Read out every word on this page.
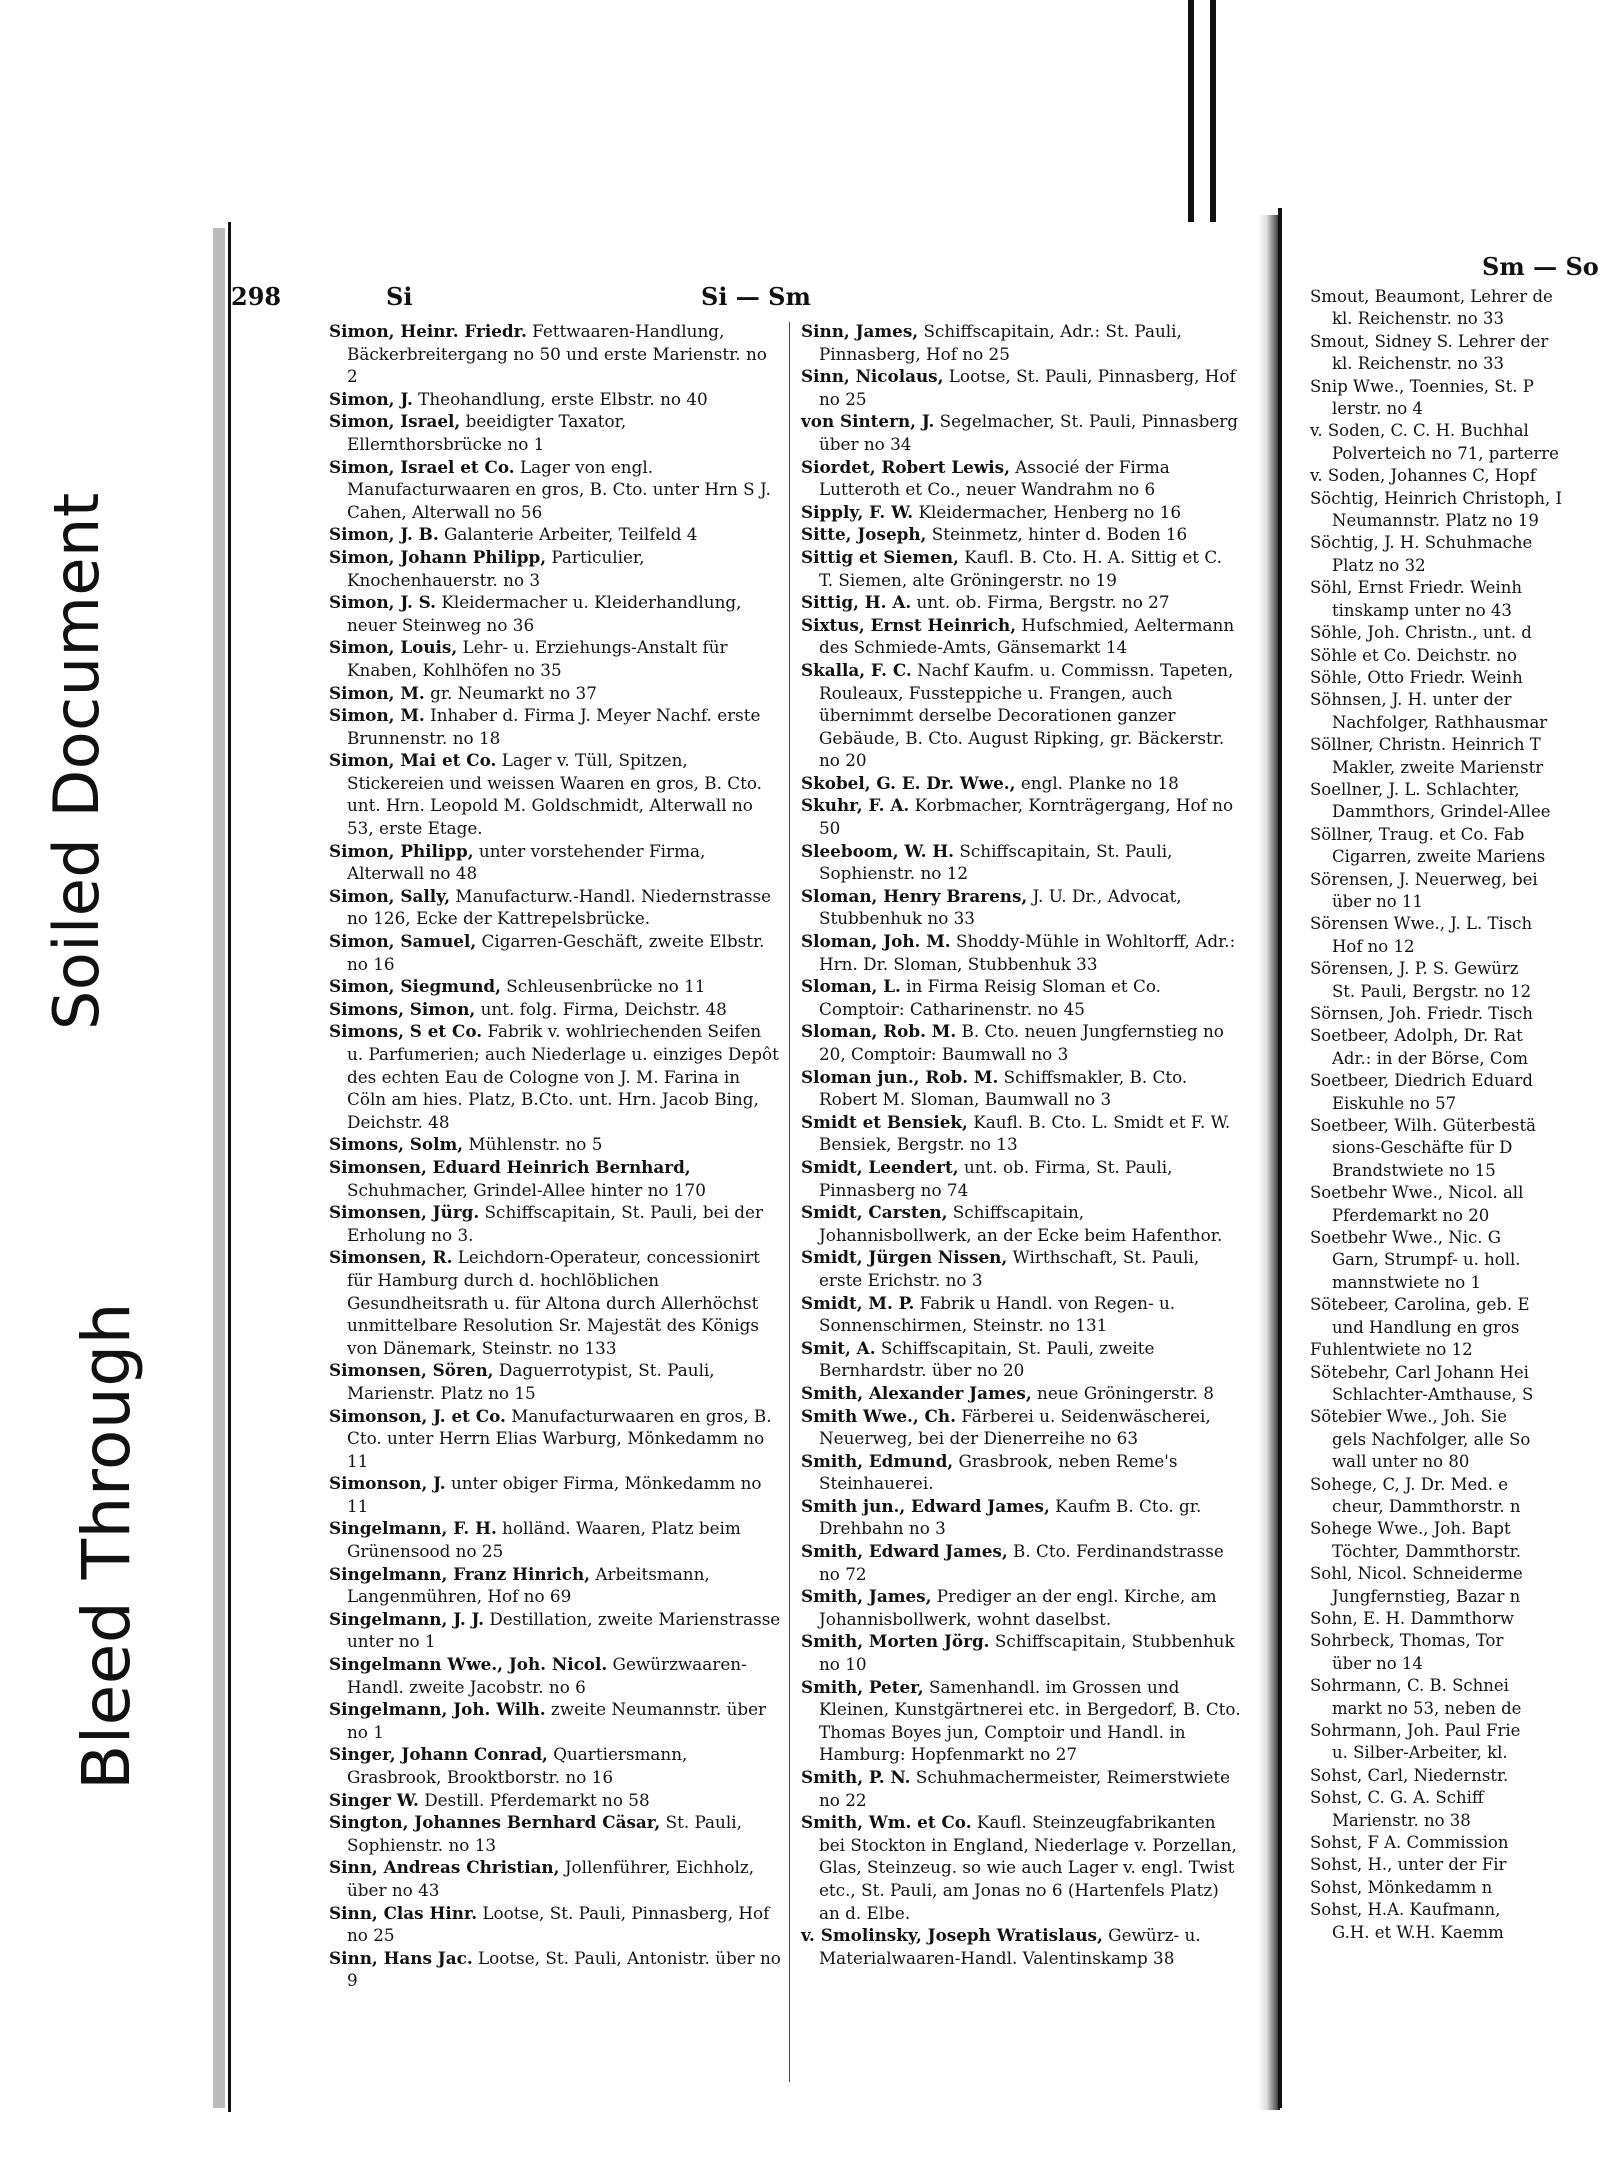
298	Si	Si — Sm
Simon, Heinr. Friedr. Fettwaaren-Handlung, Bäckerbreitergang no 50 und erste Marienstr. no 2
Simon, J. Theohandlung, erste Elbstr. no 40
Simon, Israel, beeidigter Taxator, Ellernthorsbrücke no 1
Simon, Israel et Co. Lager von engl. Manufacturwaaren en gros, B. Cto. unter Hrn S J. Cahen, Alterwall no 56
Simon, J. B. Galanterie Arbeiter, Teilfeld 4
Simon, Johann Philipp, Particulier, Knochenhauerstr. no 3
Simon, J. S. Kleidermacher u. Kleiderhandlung, neuer Steinweg no 36
Simon, Louis, Lehr- u. Erziehungs-Anstalt für Knaben, Kohlhöfen no 35
Simon, M. gr. Neumarkt no 37
Simon, M. Inhaber d. Firma J. Meyer Nachf. erste Brunnenstr. no 18
Simon, Mai et Co. Lager v. Tüll, Spitzen, Stickereien und weissen Waaren en gros, B. Cto. unt. Hrn. Leopold M. Goldschmidt, Alterwall no 53, erste Etage.
Simon, Philipp, unter vorstehender Firma, Alterwall no 48
Simon, Sally, Manufacturw.-Handl. Niedernstrasse no 126, Ecke der Kattrepelsbrücke.
Simon, Samuel, Cigarren-Geschäft, zweite Elbstr. no 16
Simon, Siegmund, Schleusenbrücke no 11
Simons, Simon, unt. folg. Firma, Deichstr. 48
Simons, S et Co. Fabrik v. wohlriechenden Seifen u. Parfumerien; auch Niederlage u. einziges Depôt des echten Eau de Cologne von J. M. Farina in Cöln am hies. Platz, B.Cto. unt. Hrn. Jacob Bing, Deichstr. 48
Simons, Solm, Mühlenstr. no 5
Simonsen, Eduard Heinrich Bernhard, Schuhmacher, Grindel-Allee hinter no 170
Simonsen, Jürg. Schiffscapitain, St. Pauli, bei der Erholung no 3.
Simonsen, R. Leichdorn-Operateur, concessionirt für Hamburg durch d. hochlöblichen Gesundheitsrath u. für Altona durch Allerhöchst unmittelbare Resolution Sr. Majestät des Königs von Dänemark, Steinstr. no 133
Simonsen, Sören, Daguerrotypist, St. Pauli, Marienstr. Platz no 15
Simonson, J. et Co. Manufacturwaaren en gros, B. Cto. unter Herrn Elias Warburg, Mönkedamm no 11
Simonson, J. unter obiger Firma, Mönkedamm no 11
Singelmann, F. H. holländ. Waaren, Platz beim Grünensood no 25
Singelmann, Franz Hinrich, Arbeitsmann, Langenmühren, Hof no 69
Singelmann, J. J. Destillation, zweite Marienstrasse unter no 1
Singelmann Wwe., Joh. Nicol. Gewürzwaaren-Handl. zweite Jacobstr. no 6
Singelmann, Joh. Wilh. zweite Neumannstr. über no 1
Singer, Johann Conrad, Quartiersmann, Grasbrook, Brooktborstr. no 16
Singer W. Destill. Pferdemarkt no 58
Sington, Johannes Bernhard Cäsar, St. Pauli, Sophienstr. no 13
Sinn, Andreas Christian, Jollenführer, Eichholz, über no 43
Sinn, Clas Hinr. Lootse, St. Pauli, Pinnasberg, Hof no 25
Sinn, Hans Jac. Lootse, St. Pauli, Antonistr. über no 9
Sinn, James, Schiffscapitain, Adr.: St. Pauli, Pinnasberg, Hof no 25
Sinn, Nicolaus, Lootse, St. Pauli, Pinnasberg, Hof no 25
von Sintern, J. Segelmacher, St. Pauli, Pinnasberg über no 34
Siordet, Robert Lewis, Associé der Firma Lutteroth et Co., neuer Wandrahm no 6
Sipply, F. W. Kleidermacher, Henberg no 16
Sitte, Joseph, Steinmetz, hinter d. Boden 16
Sittig et Siemen, Kaufl. B. Cto. H. A. Sittig et C. T. Siemen, alte Gröningerstr. no 19
Sittig, H. A. unt. ob. Firma, Bergstr. no 27
Sixtus, Ernst Heinrich, Hufschmied, Aeltermann des Schmiede-Amts, Gänsemarkt 14
Skalla, F. C. Nachf Kaufm. u. Commissn. Tapeten, Rouleaux, Fussteppiche u. Frangen, auch übernimmt derselbe Decorationen ganzer Gebäude, B. Cto. August Ripking, gr. Bäckerstr. no 20
Skobel, G. E. Dr. Wwe., engl. Planke no 18
Skuhr, F. A. Korbmacher, Kornträgergang, Hof no 50
Sleeboom, W. H. Schiffscapitain, St. Pauli, Sophienstr. no 12
Sloman, Henry Brarens, J. U. Dr., Advocat, Stubbenhuk no 33
Sloman, Joh. M. Shoddy-Mühle in Wohltorff, Adr.: Hrn. Dr. Sloman, Stubbenhuk 33
Sloman, L. in Firma Reisig Sloman et Co. Comptoir: Catharinenstr. no 45
Sloman, Rob. M. B. Cto. neuen Jungfernstieg no 20, Comptoir: Baumwall no 3
Sloman jun., Rob. M. Schiffsmakler, B. Cto. Robert M. Sloman, Baumwall no 3
Smidt et Bensiek, Kaufl. B. Cto. L. Smidt et F. W. Bensiek, Bergstr. no 13
Smidt, Leendert, unt. ob. Firma, St. Pauli, Pinnasberg no 74
Smidt, Carsten, Schiffscapitain, Johannisbollwerk, an der Ecke beim Hafenthor.
Smidt, Jürgen Nissen, Wirthschaft, St. Pauli, erste Erichstr. no 3
Smidt, M. P. Fabrik u Handl. von Regen- u. Sonnenschirmen, Steinstr. no 131
Smit, A. Schiffscapitain, St. Pauli, zweite Bernhardstr. über no 20
Smith, Alexander James, neue Gröningerstr. 8
Smith Wwe., Ch. Färberei u. Seidenwäscherei, Neuerweg, bei der Dienerreihe no 63
Smith, Edmund, Grasbrook, neben Reme's Steinhauerei.
Smith jun., Edward James, Kaufm B. Cto. gr. Drehbahn no 3
Smith, Edward James, B. Cto. Ferdinandstrasse no 72
Smith, James, Prediger an der engl. Kirche, am Johannisbollwerk, wohnt daselbst.
Smith, Morten Jörg. Schiffscapitain, Stubbenhuk no 10
Smith, Peter, Samenhandl. im Grossen und Kleinen, Kunstgärtnerei etc. in Bergedorf, B. Cto. Thomas Boyes jun, Comptoir und Handl. in Hamburg: Hopfenmarkt no 27
Smith, P. N. Schuhmachermeister, Reimerstwiete no 22
Smith, Wm. et Co. Kaufl. Steinzeugfabrikanten bei Stockton in England, Niederlage v. Porzellan, Glas, Steinzeug. so wie auch Lager v. engl. Twist etc., St. Pauli, am Jonas no 6 (Hartenfels Platz) an d. Elbe.
v. Smolinsky, Joseph Wratislaus, Gewürz- u. Materialwaaren-Handl. Valentinskamp 38
Sm — So
Smout, Beaumont, Lehrer de
kl. Reichenstr. no 33
Smout, Sidney S. Lehrer der
kl. Reichenstr. no 33
Snip Wwe., Toennies, St. P
lerstr. no 4
v. Soden, C. C. H. Buchhal
Polverteich no 71, parterre
v. Soden, Johannes C, Hopf
Söchtig, Heinrich Christoph, I
Neumannstr. Platz no 19
Söchtig, J. H. Schuhmache
Platz no 32
Söhl, Ernst Friedr. Weinh
tinskamp unter no 43
Söhle, Joh. Christn., unt. d
Söhle et Co. Deichstr. no
Söhle, Otto Friedr. Weinh
Söhnsen, J. H. unter der
Nachfolger, Rathhausmar
Söllner, Christn. Heinrich T
Makler, zweite Marienstr
Soellner, J. L. Schlachter,
Dammthors, Grindel-Allee
Söllner, Traug. et Co. Fab
Cigarren, zweite Mariens
Sörensen, J. Neuerweg, bei
über no 11
Sörensen Wwe., J. L. Tisch
Hof no 12
Sörensen, J. P. S. Gewürz
St. Pauli, Bergstr. no 12
Sörnsen, Joh. Friedr. Tisch
Soetbeer, Adolph, Dr. Rat
Adr.: in der Börse, Com
Soetbeer, Diedrich Eduard
Eiskuhle no 57
Soetbeer, Wilh. Güterbestä
sions-Geschäfte für D
Brandstwiete no 15
Soetbehr Wwe., Nicol. all
Pferdemarkt no 20
Soetbehr Wwe., Nic. G
Garn, Strumpf- u. holl.
mannstwiete no 1
Sötebeer, Carolina, geb. E
und Handlung en gros
Fuhlentwiete no 12
Sötebehr, Carl Johann Hei
Schlachter-Amthause, S
Sötebier Wwe., Joh. Sie
gels Nachfolger, alle So
wall unter no 80
Sohege, C, J. Dr. Med. e
cheur, Dammthorstr. n
Sohege Wwe., Joh. Bapt
Töchter, Dammthorstr.
Sohl, Nicol. Schneiderme
Jungfernstieg, Bazar n
Sohn, E. H. Dammthorw
Sohrbeck, Thomas, Tor
über no 14
Sohrmann, C. B. Schnei
markt no 53, neben de
Sohrmann, Joh. Paul Frie
u. Silber-Arbeiter, kl.
Sohst, Carl, Niedernstr.
Sohst, C. G. A. Schiff
Marienstr. no 38
Sohst, F A. Commission
Sohst, H., unter der Fir
Sohst, Mönkedamm n
Sohst, H.A. Kaufmann,
G.H. et W.H. Kaemm
Soiled Document
Bleed Through
